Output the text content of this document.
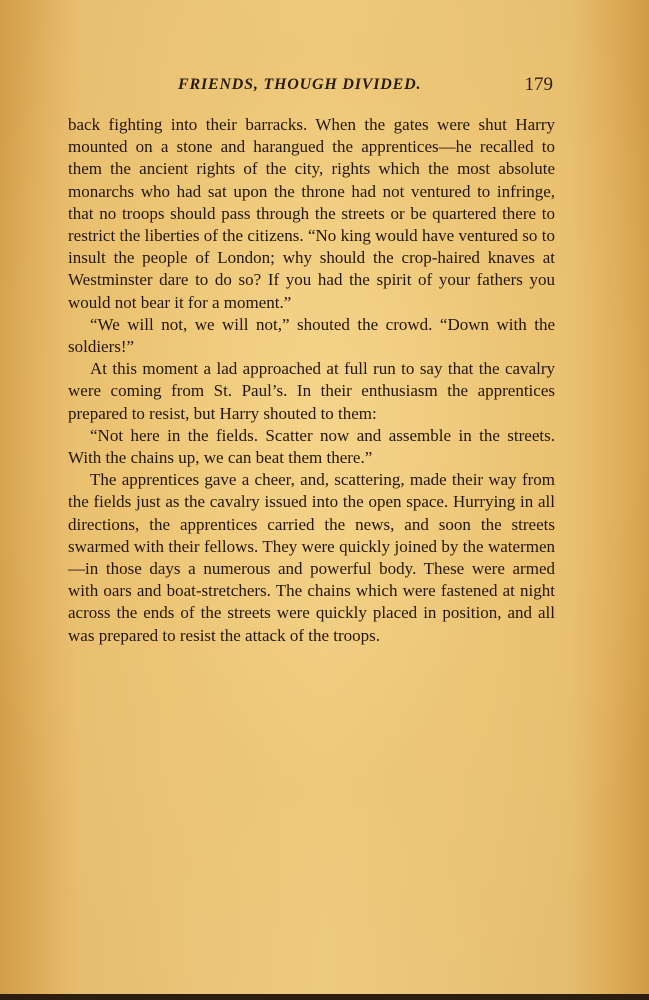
FRIENDS, THOUGH DIVIDED.	179

back fighting into their barracks. When the gates were shut Harry mounted on a stone and harangued the apprentices—he recalled to them the ancient rights of the city, rights which the most absolute monarchs who had sat upon the throne had not ventured to infringe, that no troops should pass through the streets or be quartered there to restrict the liberties of the citizens. “No king would have ventured so to insult the people of London; why should the crop-haired knaves at Westminster dare to do so? If you had the spirit of your fathers you would not bear it for a moment.”

“We will not, we will not,” shouted the crowd. “Down with the soldiers!”

At this moment a lad approached at full run to say that the cavalry were coming from St. Paul’s. In their enthusiasm the apprentices prepared to resist, but Harry shouted to them:

“Not here in the fields. Scatter now and assemble in the streets. With the chains up, we can beat them there.”

The apprentices gave a cheer, and, scattering, made their way from the fields just as the cavalry issued into the open space. Hurrying in all directions, the apprentices carried the news, and soon the streets swarmed with their fellows. They were quickly joined by the watermen—in those days a numerous and powerful body. These were armed with oars and boat-stretchers. The chains which were fastened at night across the ends of the streets were quickly placed in position, and all was prepared to resist the attack of the troops.
